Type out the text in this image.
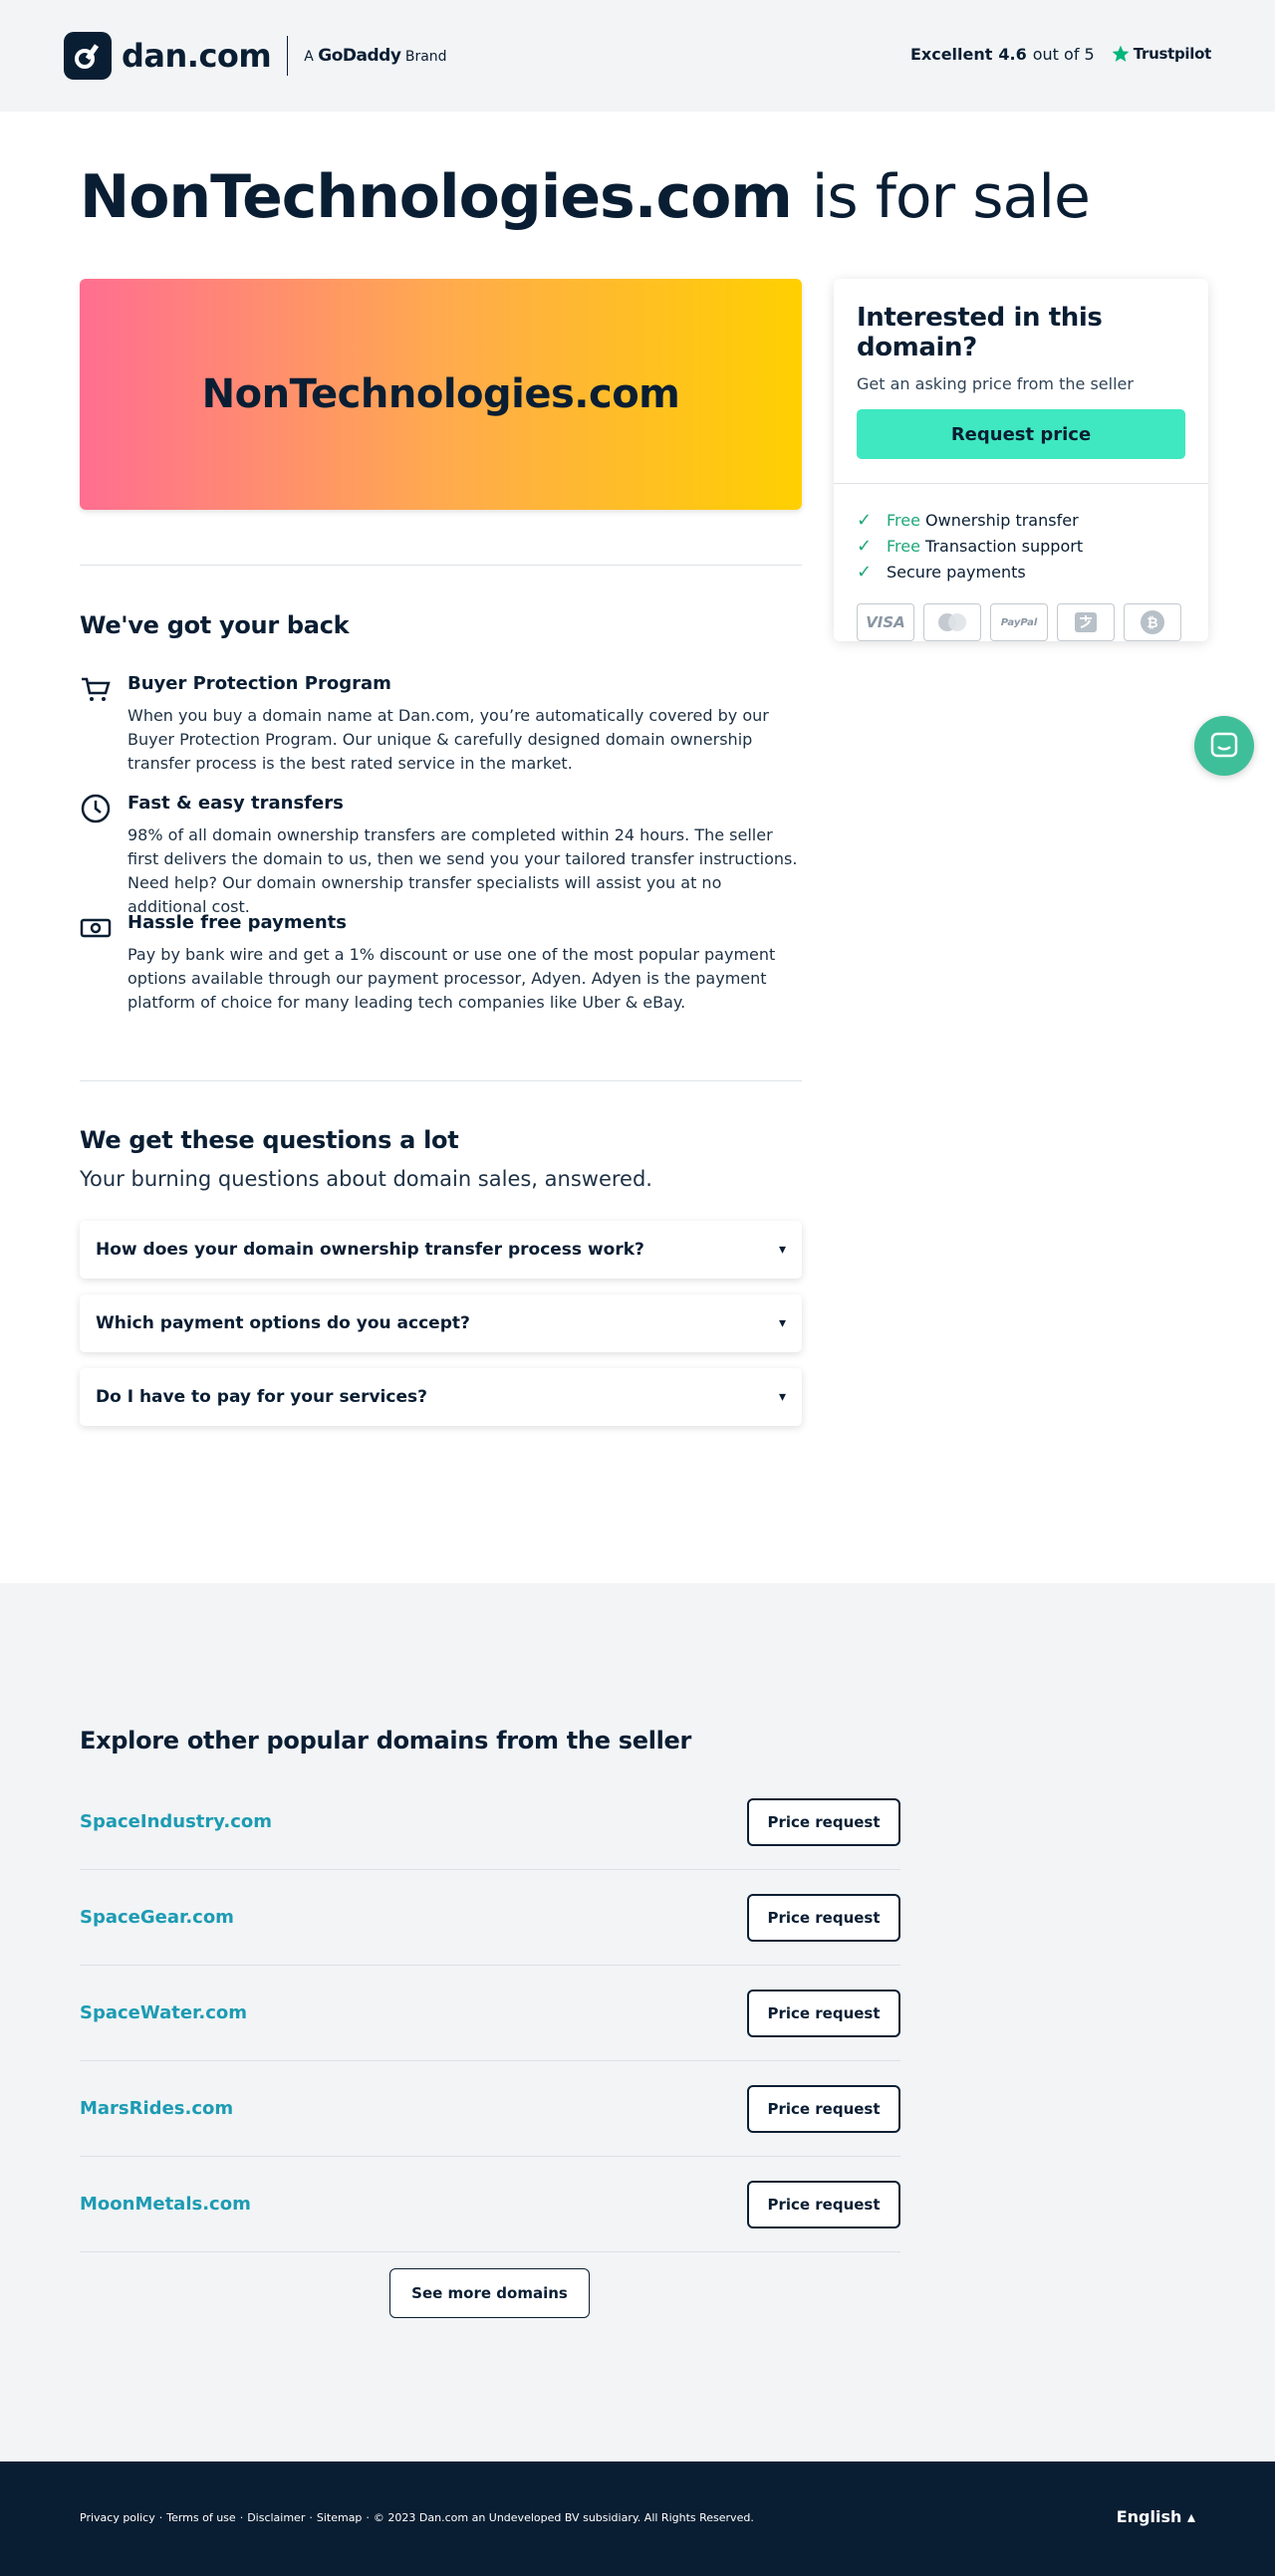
dan.com A GoDaddy Brand	Excellent 4.6 out of 5	Trustpilot
NonTechnologies.com is for sale
NonTechnologies.com
Interested in this domain?
Get an asking price from the seller
Request price
✓ Free Ownership transfer
✓ Free Transaction support
✓ Secure payments
VISA	PayPal	₿
We've got your back
Buyer Protection Program
When you buy a domain name at Dan.com, you’re automatically covered by our Buyer Protection Program. Our unique & carefully designed domain ownership transfer process is the best rated service in the market.
Fast & easy transfers
98% of all domain ownership transfers are completed within 24 hours. The seller first delivers the domain to us, then we send you your tailored transfer instructions. Need help? Our domain ownership transfer specialists will assist you at no additional cost.
Hassle free payments
Pay by bank wire and get a 1% discount or use one of the most popular payment options available through our payment processor, Adyen. Adyen is the payment platform of choice for many leading tech companies like Uber & eBay.
We get these questions a lot
Your burning questions about domain sales, answered.
How does your domain ownership transfer process work?	▾
Which payment options do you accept?	▾
Do I have to pay for your services?	▾
Explore other popular domains from the seller
SpaceIndustry.com	Price request
SpaceGear.com	Price request
SpaceWater.com	Price request
MarsRides.com	Price request
MoonMetals.com	Price request
See more domains
Privacy policy · Terms of use · Disclaimer · Sitemap · © 2023 Dan.com an Undeveloped BV subsidiary. All Rights Reserved.	English ▴
